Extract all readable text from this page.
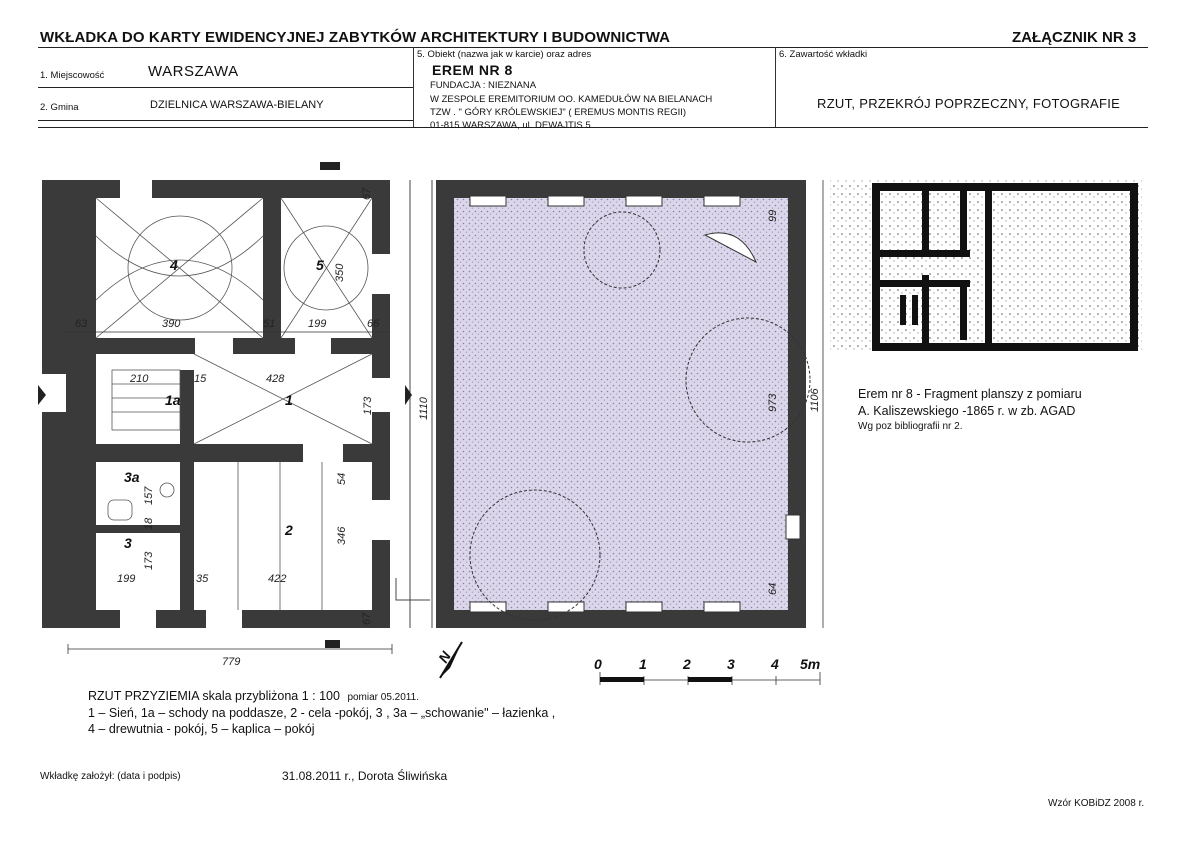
WKŁADKA DO KARTY EWIDENCYJNEJ ZABYTKÓW ARCHITEKTURY I BUDOWNICTWA	ZAŁĄCZNIK NR 3
1. Miejscowość	WARSZAWA
2. Gmina	DZIELNICA WARSZAWA-BIELANY
5. Obiekt (nazwa jak w karcie) oraz adres
EREM NR 8
FUNDACJA : NIEZNANA
W ZESPOLE EREMITORIUM OO. KAMEDUŁÓW NA BIELANACH
TZW . " GÓRY KRÓLEWSKIEJ" ( EREMUS MONTIS REGII)
01-815 WARSZAWA, ul. DEWAJTIS 5
6. Zawartość wkładki
RZUT, PRZEKRÓJ POPRZECZNY, FOTOGRAFIE
4	5
1
1a
2
3a
3
63	390	51	199	66
350
67
210	15	428
173
157
18
173
199	35	422
54
346
67
779
1110	973	1106
99
64
0	1	2	3	4 5m
N
Erem nr 8 - Fragment planszy z pomiaru
A. Kaliszewskiego -1865 r. w zb. AGAD
Wg poz bibliografii nr 2.
RZUT PRZYZIEMIA skala przybliżona 1 : 100 pomiar 05.2011.
1 – Sień, 1a – schody na poddasze, 2 - cela -pokój, 3 , 3a – „schowanie" – łazienka ,
4 – drewutnia - pokój, 5 – kaplica – pokój
Wkładkę założył: (data i podpis)	31.08.2011 r., Dorota Śliwińska
Wzór KOBiDZ 2008 r.
